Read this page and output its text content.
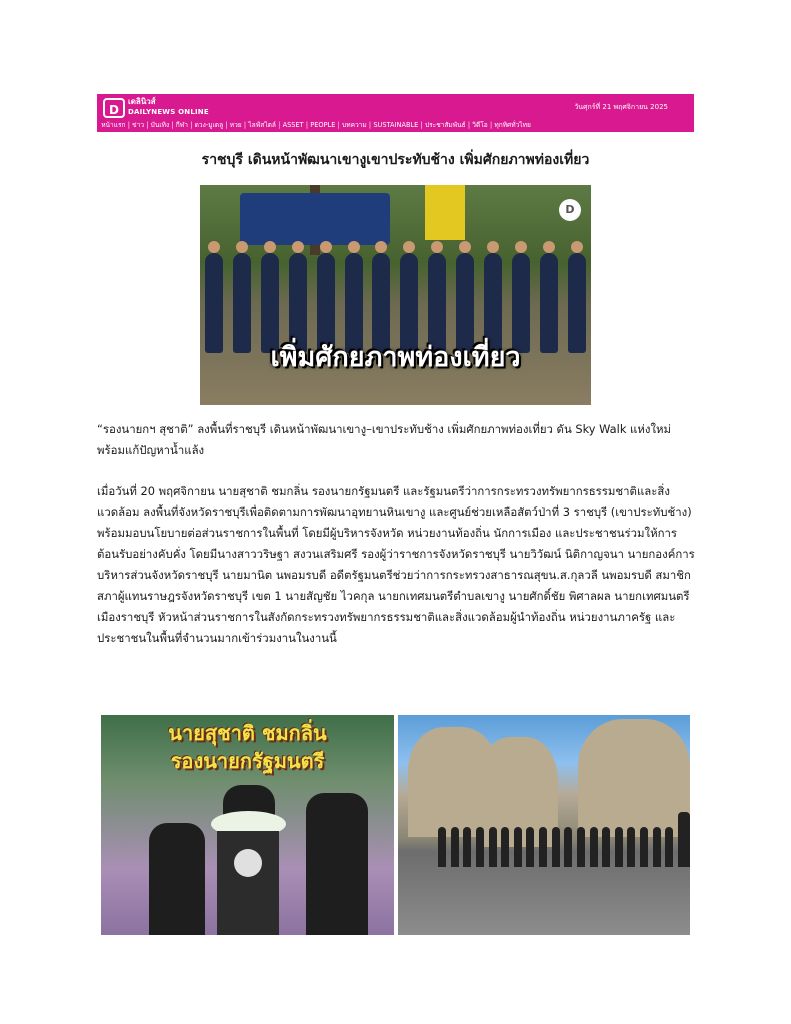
D
เดลินิวส์
DAILYNEWS ONLINE
วันศุกร์ที่ 21 พฤศจิกายน 2025
หน้าแรก | ข่าว | บันเทิง | กีฬา | ดวง-มูเตลู | หวย | ไลฟ์สไตล์ | ASSET | PEOPLE | บทความ | SUSTAINABLE | ประชาสัมพันธ์ | วิดีโอ | ทุกทิศทั่วไทย
ราชบุรี เดินหน้าพัฒนาเขางูเขาประทับช้าง เพิ่มศักยภาพท่องเที่ยว
D
เพิ่มศักยภาพท่องเที่ยว

“รองนายกฯ สุชาติ” ลงพื้นที่ราชบุรี เดินหน้าพัฒนาเขางู–เขาประทับช้าง เพิ่มศักยภาพท่องเที่ยว ดัน Sky Walk แห่งใหม่ พร้อมแก้ปัญหาน้ำแล้ง

เมื่อวันที่ 20 พฤศจิกายน นายสุชาติ ชมกลิ่น รองนายกรัฐมนตรี และรัฐมนตรีว่าการกระทรวงทรัพยากรธรรมชาติและสิ่งแวดล้อม ลงพื้นที่จังหวัดราชบุรีเพื่อติดตามการพัฒนาอุทยานหินเขางู และศูนย์ช่วยเหลือสัตว์ป่าที่ 3 ราชบุรี (เขาประทับช้าง) พร้อมมอบนโยบายต่อส่วนราชการในพื้นที่ โดยมีผู้บริหารจังหวัด หน่วยงานท้องถิ่น นักการเมือง และประชาชนร่วมให้การต้อนรับอย่างคับคั่ง โดยมีนางสาววริษฐา สงวนเสริมศรี รองผู้ว่าราชการจังหวัดราชบุรี นายวิวัฒน์ นิติกาญจนา นายกองค์การบริหารส่วนจังหวัดราชบุรี นายมานิต นพอมรบดี อดีตรัฐมนตรีช่วยว่าการกระทรวงสาธารณสุขน.ส.กุลวลี นพอมรบดี สมาชิกสภาผู้แทนราษฎรจังหวัดราชบุรี เขต 1 นายสัญชัย ไวคกุล นายกเทศมนตรีตำบลเขางู นายศักดิ์ชัย พิศาลผล นายกเทศมนตรีเมืองราชบุรี หัวหน้าส่วนราชการในสังกัดกระทรวงทรัพยากรธรรมชาติและสิ่งแวดล้อมผู้นำท้องถิ่น หน่วยงานภาครัฐ และประชาชนในพื้นที่จำนวนมากเข้าร่วมงานในงานนี้

นายสุชาติ ชมกลิ่น
รองนายกรัฐมนตรี
